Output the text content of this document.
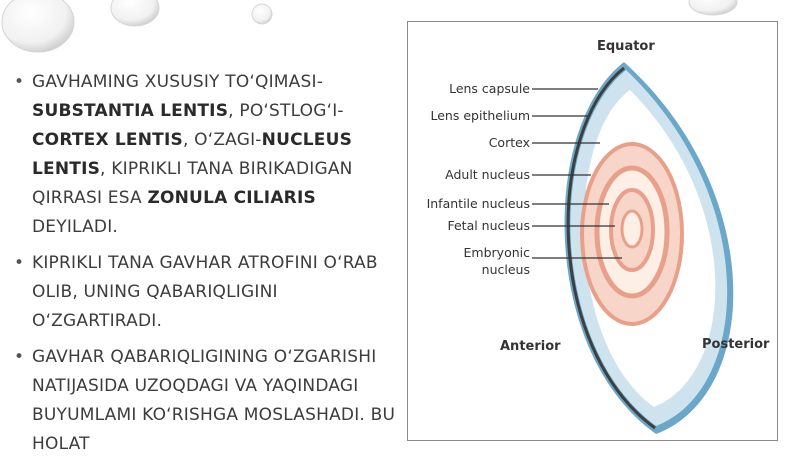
• GAVHAMING XUSUSIY TO‘QIMASI-SUBSTANTIA LENTIS, PO‘STLOG‘I-CORTEX LENTIS, O‘ZAGI-NUCLEUS LENTIS, KIPRIKLI TANA BIRIKADIGAN QIRRASI ESA ZONULA CILIARIS DEYILADI.
• KIPRIKLI TANA GAVHAR ATROFINI O‘RAB OLIB, UNING QABARIQLIGINI O‘ZGARTIRADI.
• GAVHAR QABARIQLIGINING O‘ZGARISHI NATIJASIDA UZOQDAGI VA YAQINDAGI BUYUMLAMI KO‘RISHGA MOSLASHADI. BU HOLAT
Equator
Lens capsule
Lens epithelium
Cortex
Adult nucleus
Infantile nucleus
Fetal nucleus
Embryonic
nucleus
Anterior	Posterior
